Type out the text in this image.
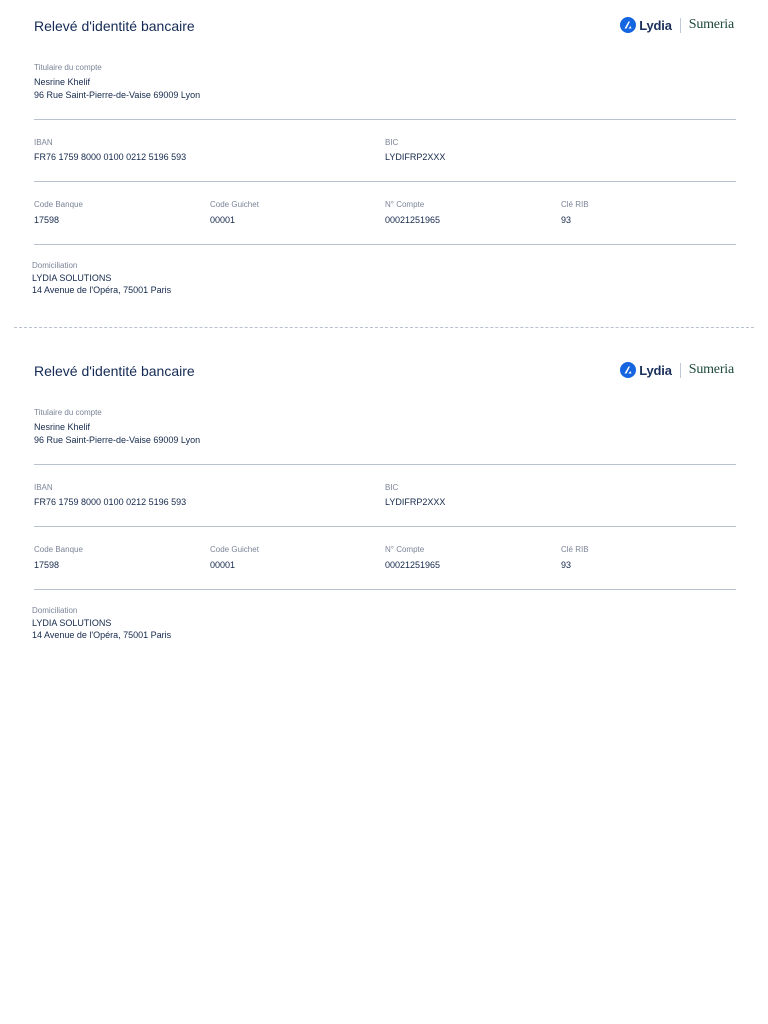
Relevé d'identité bancaire	Lydia Sumeria
Titulaire du compte
Nesrine Khelif
96 Rue Saint-Pierre-de-Vaise 69009 Lyon
IBAN
FR76 1759 8000 0100 0212 5196 593
BIC
LYDIFRP2XXX
Code Banque
17598
Code Guichet
00001
N° Compte
00021251965
Clé RIB
93
Domiciliation
LYDIA SOLUTIONS
14 Avenue de l'Opéra, 75001 Paris
Relevé d'identité bancaire	Lydia Sumeria
Titulaire du compte
Nesrine Khelif
96 Rue Saint-Pierre-de-Vaise 69009 Lyon
IBAN
FR76 1759 8000 0100 0212 5196 593
BIC
LYDIFRP2XXX
Code Banque
17598
Code Guichet
00001
N° Compte
00021251965
Clé RIB
93
Domiciliation
LYDIA SOLUTIONS
14 Avenue de l'Opéra, 75001 Paris
